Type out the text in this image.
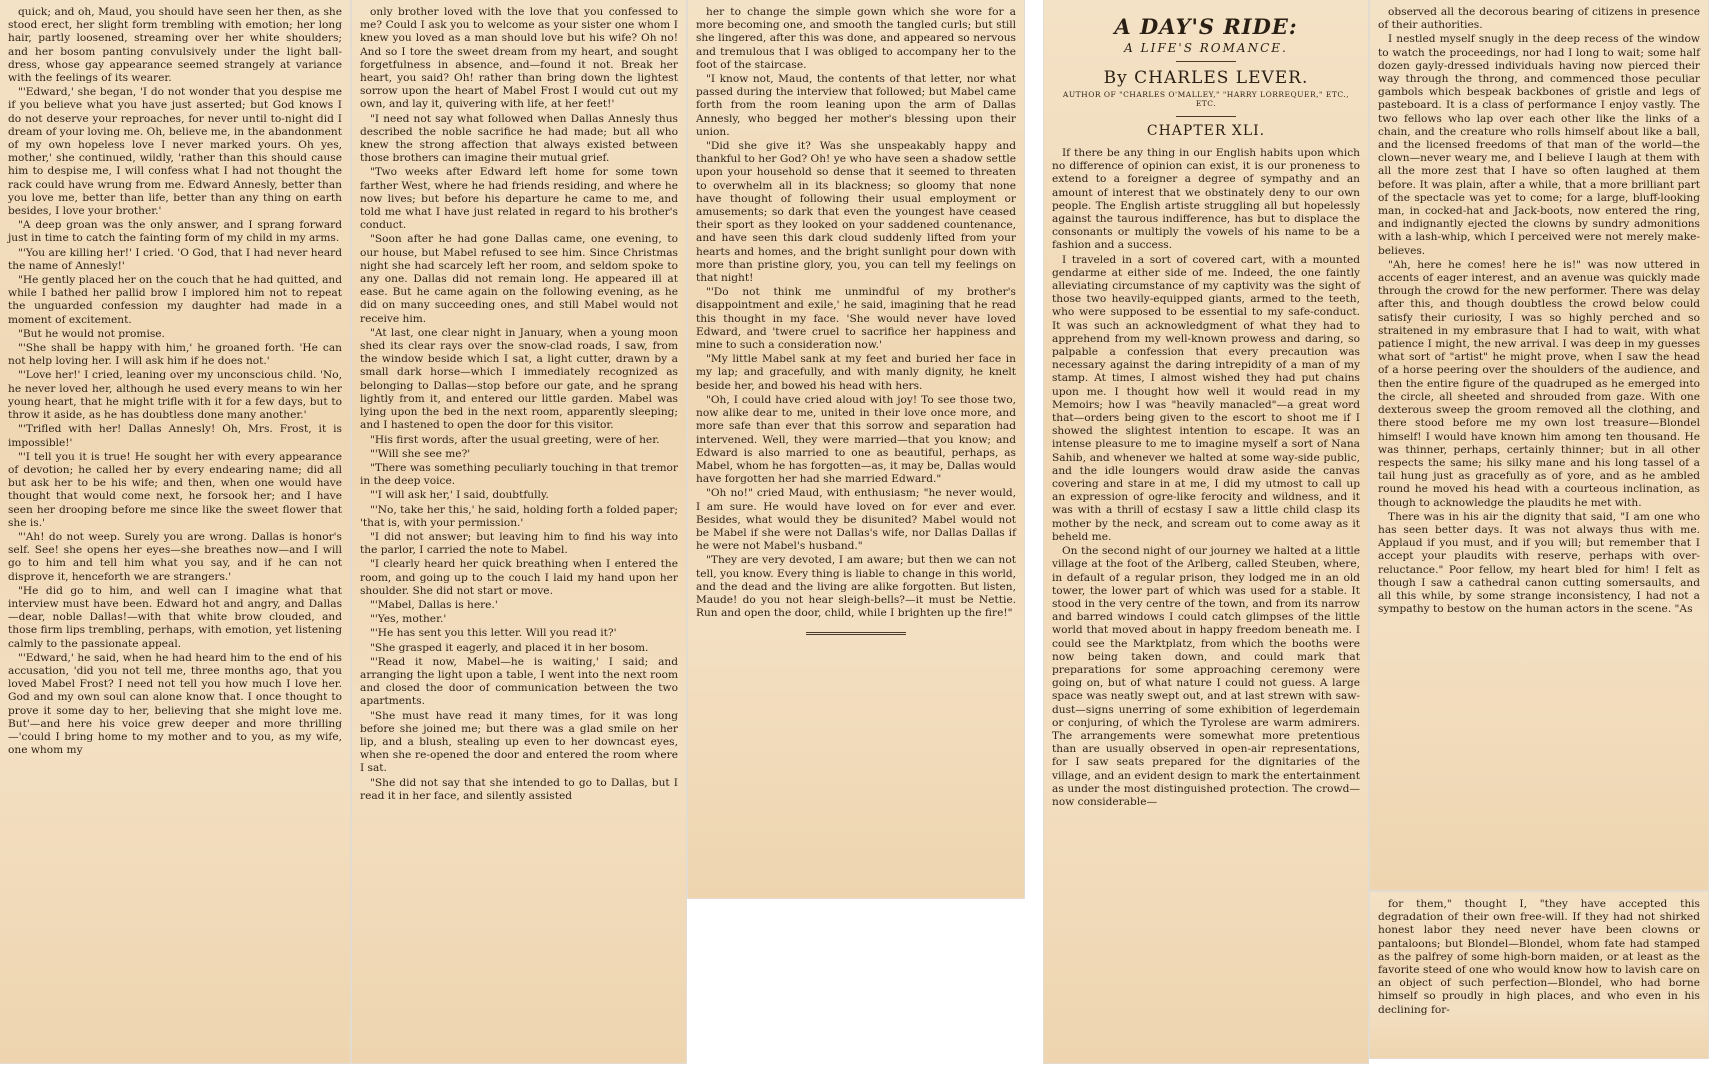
quick; and oh, Maud, you should have seen her then, as she stood erect, her slight form trembling with emotion; her long hair, partly loosened, streaming over her white shoulders; and her bosom panting convulsively under the light ball-dress, whose gay appearance seemed strangely at variance with the feelings of its wearer.

"'Edward,' she began, 'I do not wonder that you despise me if you believe what you have just asserted; but God knows I do not deserve your reproaches, for never until to-night did I dream of your loving me. Oh, believe me, in the abandonment of my own hopeless love I never marked yours. Oh yes, mother,' she continued, wildly, 'rather than this should cause him to despise me, I will confess what I had not thought the rack could have wrung from me. Edward Annesly, better than you love me, better than life, better than any thing on earth besides, I love your brother.'

"A deep groan was the only answer, and I sprang forward just in time to catch the fainting form of my child in my arms.

"'You are killing her!' I cried. 'O God, that I had never heard the name of Annesly!'

"He gently placed her on the couch that he had quitted, and while I bathed her pallid brow I implored him not to repeat the unguarded confession my daughter had made in a moment of excitement.

"But he would not promise.

"'She shall be happy with him,' he groaned forth. 'He can not help loving her. I will ask him if he does not.'

"'Love her!' I cried, leaning over my unconscious child. 'No, he never loved her, although he used every means to win her young heart, that he might trifle with it for a few days, but to throw it aside, as he has doubtless done many another.'

"'Trifled with her! Dallas Annesly! Oh, Mrs. Frost, it is impossible!'

"'I tell you it is true! He sought her with every appearance of devotion; he called her by every endearing name; did all but ask her to be his wife; and then, when one would have thought that would come next, he forsook her; and I have seen her drooping before me since like the sweet flower that she is.'

"'Ah! do not weep. Surely you are wrong. Dallas is honor's self. See! she opens her eyes—she breathes now—and I will go to him and tell him what you say, and if he can not disprove it, henceforth we are strangers.'

"He did go to him, and well can I imagine what that interview must have been. Edward hot and angry, and Dallas—dear, noble Dallas!—with that white brow clouded, and those firm lips trembling, perhaps, with emotion, yet listening calmly to the passionate appeal.

"'Edward,' he said, when he had heard him to the end of his accusation, 'did you not tell me, three months ago, that you loved Mabel Frost? I need not tell you how much I love her. God and my own soul can alone know that. I once thought to prove it some day to her, believing that she might love me. But'—and here his voice grew deeper and more thrilling—'could I bring home to my mother and to you, as my wife, one whom my

only brother loved with the love that you confessed to me? Could I ask you to welcome as your sister one whom I knew you loved as a man should love but his wife? Oh no! And so I tore the sweet dream from my heart, and sought forgetfulness in absence, and—found it not. Break her heart, you said? Oh! rather than bring down the lightest sorrow upon the heart of Mabel Frost I would cut out my own, and lay it, quivering with life, at her feet!'

"I need not say what followed when Dallas Annesly thus described the noble sacrifice he had made; but all who knew the strong affection that always existed between those brothers can imagine their mutual grief.

"Two weeks after Edward left home for some town farther West, where he had friends residing, and where he now lives; but before his departure he came to me, and told me what I have just related in regard to his brother's conduct.

"Soon after he had gone Dallas came, one evening, to our house, but Mabel refused to see him. Since Christmas night she had scarcely left her room, and seldom spoke to any one. Dallas did not remain long. He appeared ill at ease. But he came again on the following evening, as he did on many succeeding ones, and still Mabel would not receive him.

"At last, one clear night in January, when a young moon shed its clear rays over the snow-clad roads, I saw, from the window beside which I sat, a light cutter, drawn by a small dark horse—which I immediately recognized as belonging to Dallas—stop before our gate, and he sprang lightly from it, and entered our little garden. Mabel was lying upon the bed in the next room, apparently sleeping; and I hastened to open the door for this visitor.

"His first words, after the usual greeting, were of her.

"'Will she see me?'

"There was something peculiarly touching in that tremor in the deep voice.

"'I will ask her,' I said, doubtfully.

"'No, take her this,' he said, holding forth a folded paper; 'that is, with your permission.'

"I did not answer; but leaving him to find his way into the parlor, I carried the note to Mabel.

"I clearly heard her quick breathing when I entered the room, and going up to the couch I laid my hand upon her shoulder. She did not start or move.

"'Mabel, Dallas is here.'

"'Yes, mother.'

"'He has sent you this letter. Will you read it?'

"She grasped it eagerly, and placed it in her bosom.

"'Read it now, Mabel—he is waiting,' I said; and arranging the light upon a table, I went into the next room and closed the door of communication between the two apartments.

"She must have read it many times, for it was long before she joined me; but there was a glad smile on her lip, and a blush, stealing up even to her downcast eyes, when she re-opened the door and entered the room where I sat.

"She did not say that she intended to go to Dallas, but I read it in her face, and silently assisted

her to change the simple gown which she wore for a more becoming one, and smooth the tangled curls; but still she lingered, after this was done, and appeared so nervous and tremulous that I was obliged to accompany her to the foot of the staircase.

"I know not, Maud, the contents of that letter, nor what passed during the interview that followed; but Mabel came forth from the room leaning upon the arm of Dallas Annesly, who begged her mother's blessing upon their union.

"Did she give it? Was she unspeakably happy and thankful to her God? Oh! ye who have seen a shadow settle upon your household so dense that it seemed to threaten to overwhelm all in its blackness; so gloomy that none have thought of following their usual employment or amusements; so dark that even the youngest have ceased their sport as they looked on your saddened countenance, and have seen this dark cloud suddenly lifted from your hearts and homes, and the bright sunlight pour down with more than pristine glory, you, you can tell my feelings on that night!

"'Do not think me unmindful of my brother's disappointment and exile,' he said, imagining that he read this thought in my face. 'She would never have loved Edward, and 'twere cruel to sacrifice her happiness and mine to such a consideration now.'

"My little Mabel sank at my feet and buried her face in my lap; and gracefully, and with manly dignity, he knelt beside her, and bowed his head with hers.

"Oh, I could have cried aloud with joy! To see those two, now alike dear to me, united in their love once more, and more safe than ever that this sorrow and separation had intervened. Well, they were married—that you know; and Edward is also married to one as beautiful, perhaps, as Mabel, whom he has forgotten—as, it may be, Dallas would have forgotten her had she married Edward."

"Oh no!" cried Maud, with enthusiasm; "he never would, I am sure. He would have loved on for ever and ever. Besides, what would they be disunited? Mabel would not be Mabel if she were not Dallas's wife, nor Dallas Dallas if he were not Mabel's husband."

"They are very devoted, I am aware; but then we can not tell, you know. Every thing is liable to change in this world, and the dead and the living are alike forgotten. But listen, Maude! do you not hear sleigh-bells?—it must be Nettie. Run and open the door, child, while I brighten up the fire!"

A DAY'S RIDE:
A LIFE'S ROMANCE.
By CHARLES LEVER.
AUTHOR OF "CHARLES O'MALLEY," "HARRY LORREQUER," ETC., ETC.
CHAPTER XLI.

If there be any thing in our English habits upon which no difference of opinion can exist, it is our proneness to extend to a foreigner a degree of sympathy and an amount of interest that we obstinately deny to our own people. The English artiste struggling all but hopelessly against the taurous indifference, has but to displace the consonants or multiply the vowels of his name to be a fashion and a success.

I traveled in a sort of covered cart, with a mounted gendarme at either side of me. Indeed, the one faintly alleviating circumstance of my captivity was the sight of those two heavily-equipped giants, armed to the teeth, who were supposed to be essential to my safe-conduct. It was such an acknowledgment of what they had to apprehend from my well-known prowess and daring, so palpable a confession that every precaution was necessary against the daring intrepidity of a man of my stamp. At times, I almost wished they had put chains upon me. I thought how well it would read in my Memoirs; how I was "heavily manacled"—a great word that—orders being given to the escort to shoot me if I showed the slightest intention to escape. It was an intense pleasure to me to imagine myself a sort of Nana Sahib, and whenever we halted at some way-side public, and the idle loungers would draw aside the canvas covering and stare in at me, I did my utmost to call up an expression of ogre-like ferocity and wildness, and it was with a thrill of ecstasy I saw a little child clasp its mother by the neck, and scream out to come away as it beheld me.

On the second night of our journey we halted at a little village at the foot of the Arlberg, called Steuben, where, in default of a regular prison, they lodged me in an old tower, the lower part of which was used for a stable. It stood in the very centre of the town, and from its narrow and barred windows I could catch glimpses of the little world that moved about in happy freedom beneath me. I could see the Marktplatz, from which the booths were now being taken down, and could mark that preparations for some approaching ceremony were going on, but of what nature I could not guess. A large space was neatly swept out, and at last strewn with saw-dust—signs unerring of some exhibition of legerdemain or conjuring, of which the Tyrolese are warm admirers. The arrangements were somewhat more pretentious than are usually observed in open-air representations, for I saw seats prepared for the dignitaries of the village, and an evident design to mark the entertainment as under the most distinguished protection. The crowd—now considerable—

observed all the decorous bearing of citizens in presence of their authorities.

I nestled myself snugly in the deep recess of the window to watch the proceedings, nor had I long to wait; some half dozen gayly-dressed individuals having now pierced their way through the throng, and commenced those peculiar gambols which bespeak backbones of gristle and legs of pasteboard. It is a class of performance I enjoy vastly. The two fellows who lap over each other like the links of a chain, and the creature who rolls himself about like a ball, and the licensed freedoms of that man of the world—the clown—never weary me, and I believe I laugh at them with all the more zest that I have so often laughed at them before. It was plain, after a while, that a more brilliant part of the spectacle was yet to come; for a large, bluff-looking man, in cocked-hat and Jack-boots, now entered the ring, and indignantly ejected the clowns by sundry admonitions with a lash-whip, which I perceived were not merely make-believes.

"Ah, here he comes! here he is!" was now uttered in accents of eager interest, and an avenue was quickly made through the crowd for the new performer. There was delay after this, and though doubtless the crowd below could satisfy their curiosity, I was so highly perched and so straitened in my embrasure that I had to wait, with what patience I might, the new arrival. I was deep in my guesses what sort of "artist" he might prove, when I saw the head of a horse peering over the shoulders of the audience, and then the entire figure of the quadruped as he emerged into the circle, all sheeted and shrouded from gaze. With one dexterous sweep the groom removed all the clothing, and there stood before me my own lost treasure—Blondel himself! I would have known him among ten thousand. He was thinner, perhaps, certainly thinner; but in all other respects the same; his silky mane and his long tassel of a tail hung just as gracefully as of yore, and as he ambled round he moved his head with a courteous inclination, as though to acknowledge the plaudits he met with.

There was in his air the dignity that said, "I am one who has seen better days. It was not always thus with me. Applaud if you must, and if you will; but remember that I accept your plaudits with reserve, perhaps with over-reluctance." Poor fellow, my heart bled for him! I felt as though I saw a cathedral canon cutting somersaults, and all this while, by some strange inconsistency, I had not a sympathy to bestow on the human actors in the scene. "As

for them," thought I, "they have accepted this degradation of their own free-will. If they had not shirked honest labor they need never have been clowns or pantaloons; but Blondel—Blondel, whom fate had stamped as the palfrey of some high-born maiden, or at least as the favorite steed of one who would know how to lavish care on an object of such perfection—Blondel, who had borne himself so proudly in high places, and who even in his declining for-
